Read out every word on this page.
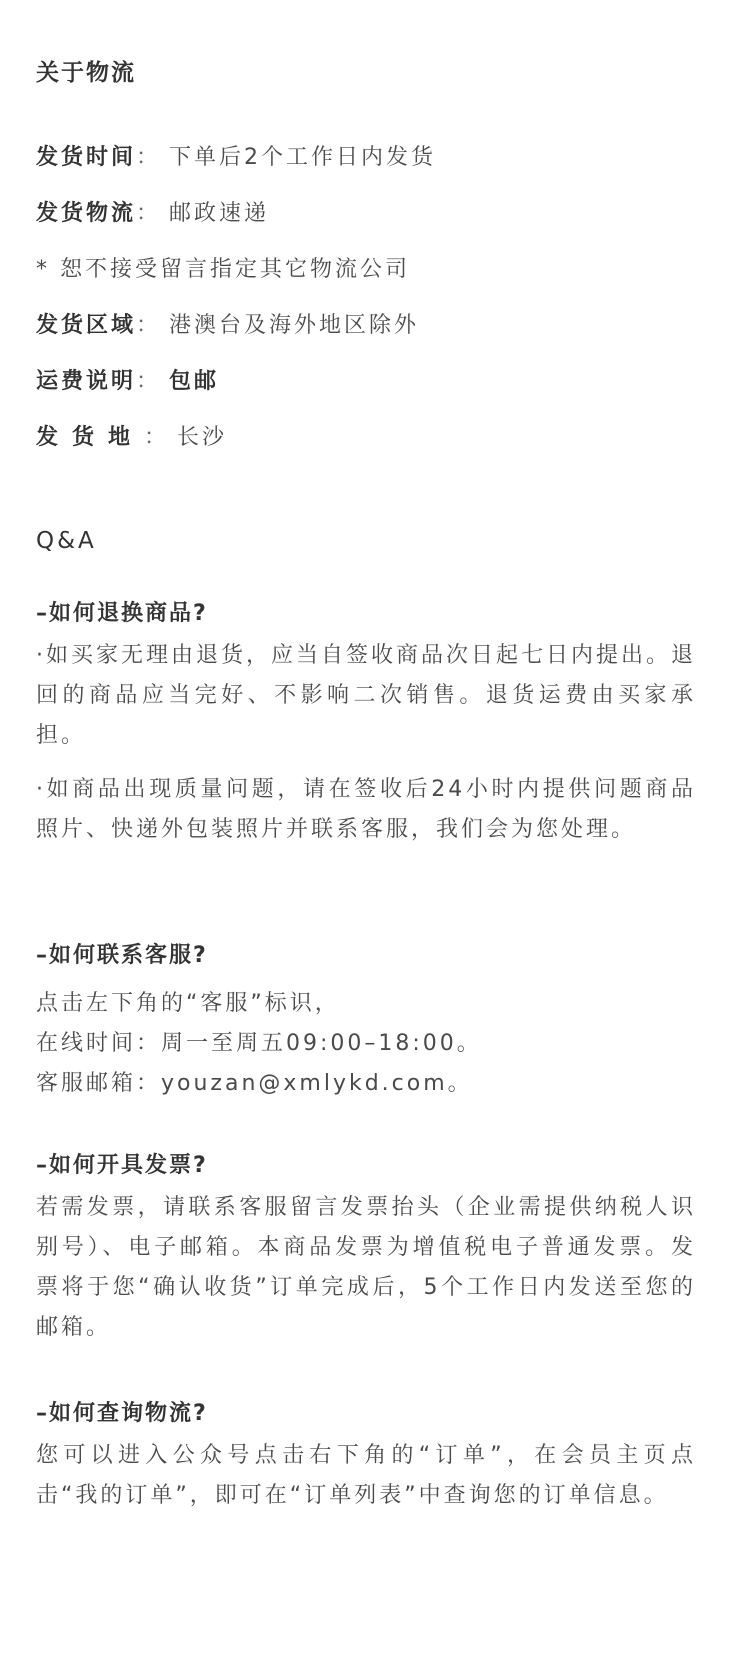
关于物流
发货时间： 下单后2个工作日内发货
发货物流： 邮政速递
* 恕不接受留言指定其它物流公司
发货区域： 港澳台及海外地区除外
运费说明： 包邮
发货地： 长沙
Q&A
–如何退换商品?
·如买家无理由退货，应当自签收商品次日起七日内提出。退回的商品应当完好、不影响二次销售。退货运费由买家承担。
·如商品出现质量问题，请在签收后24小时内提供问题商品照片、快递外包装照片并联系客服，我们会为您处理。
–如何联系客服?
点击左下角的“客服”标识，
在线时间：周一至周五09:00–18:00。
客服邮箱：youzan@xmlykd.com。
–如何开具发票?
若需发票，请联系客服留言发票抬头（企业需提供纳税人识别号）、电子邮箱。本商品发票为增值税电子普通发票。发票将于您“确认收货”订单完成后，5个工作日内发送至您的邮箱。
–如何查询物流?
您可以进入公众号点击右下角的“订单”，在会员主页点击“我的订单”，即可在“订单列表”中查询您的订单信息。
